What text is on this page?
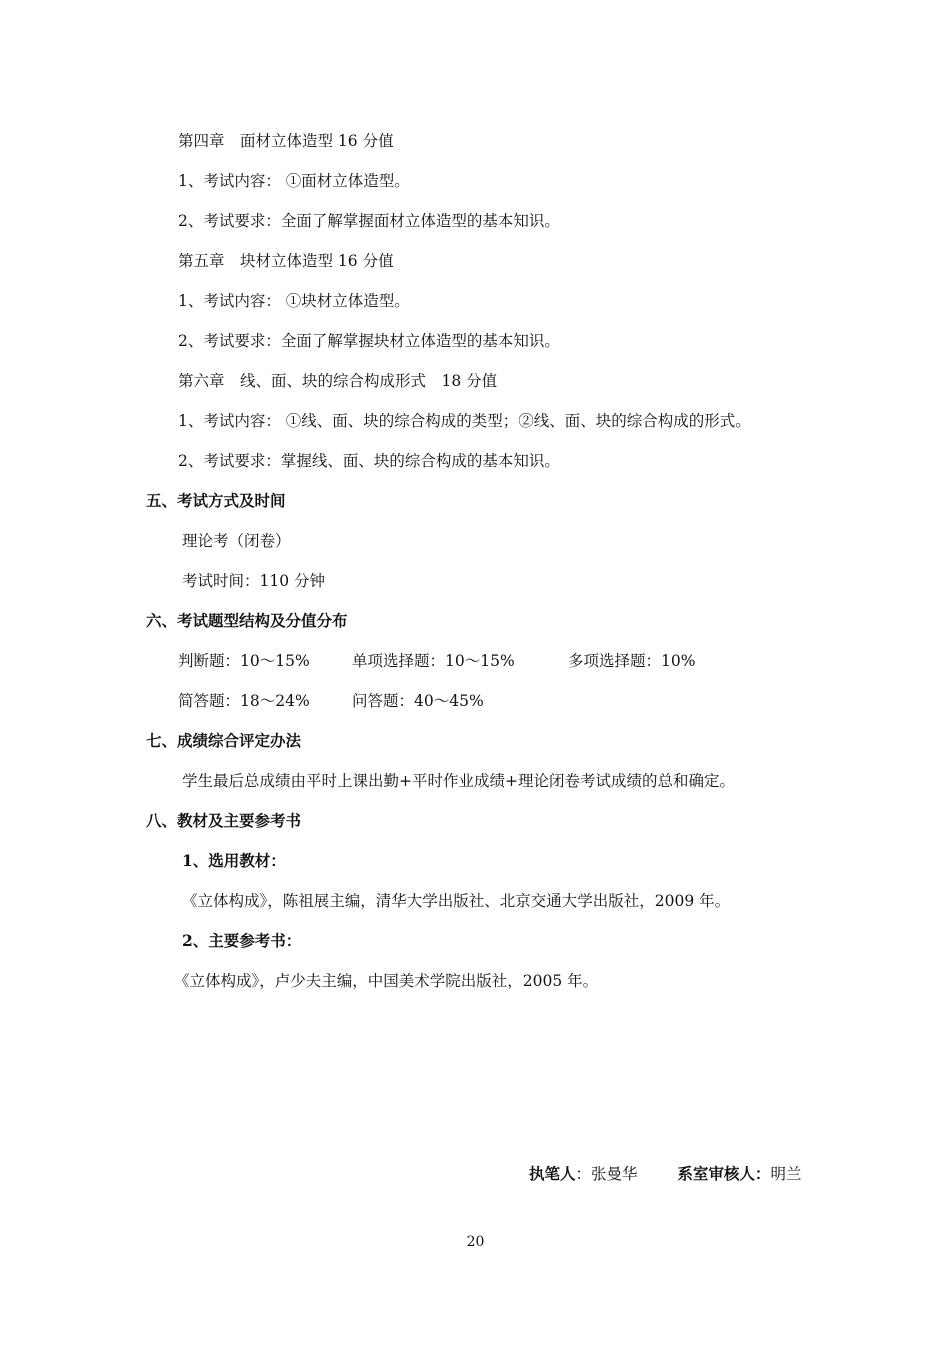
第四章　面材立体造型 16 分值
1、考试内容： ①面材立体造型。
2、考试要求：全面了解掌握面材立体造型的基本知识。
第五章　块材立体造型 16 分值
1、考试内容： ①块材立体造型。
2、考试要求：全面了解掌握块材立体造型的基本知识。
第六章　线、面、块的综合构成形式　18 分值
1、考试内容： ①线、面、块的综合构成的类型；②线、面、块的综合构成的形式。
2、考试要求：掌握线、面、块的综合构成的基本知识。
五、考试方式及时间
理论考（闭卷）
考试时间：110 分钟
六、考试题型结构及分值分布
判断题：10～15%	单项选择题：10～15%	多项选择题：10%
简答题：18～24%	问答题：40～45%
七、成绩综合评定办法
学生最后总成绩由平时上课出勤+平时作业成绩+理论闭卷考试成绩的总和确定。
八、教材及主要参考书
1、选用教材：
《立体构成》，陈祖展主编，清华大学出版社、北京交通大学出版社，2009 年。
2、主要参考书：
《立体构成》，卢少夫主编，中国美术学院出版社，2005 年。
执笔人：张曼华	系室审核人：明兰
20
